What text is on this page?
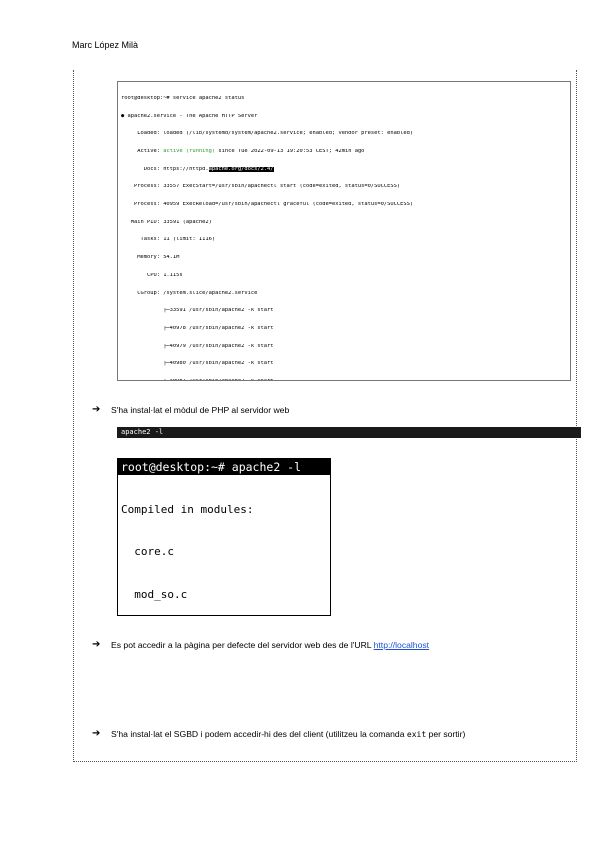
Marc López Milà

root@desktop:~# service apache2 status

● apache2.service - The Apache HTTP Server

Loaded: loaded (/lib/systemd/system/apache2.service; enabled; vendor preset: enabled)

Active: active (running) since Tue 2022-09-13 19:20:53 CEST; 42min ago

Docs: https://httpd.apache.org/docs/2.4/

Process: 33557 ExecStart=/usr/sbin/apachectl start (code=exited, status=0/SUCCESS)

Process: 40959 ExecReload=/usr/sbin/apachectl graceful (code=exited, status=0/SUCCESS)

Main PID: 33591 (apache2)

Tasks: 11 (limit: 1116)

Memory: 54.1M

CPU: 1.115s

CGroup: /system.slice/apache2.service

├─33591 /usr/sbin/apache2 -k start

├─40978 /usr/sbin/apache2 -k start

├─40979 /usr/sbin/apache2 -k start

├─40980 /usr/sbin/apache2 -k start

➔ S'ha instal·lat el mòdul de PHP al servidor web
apache2 -l
root@desktop:~# apache2 -l

Compiled in modules:

core.c

mod_so.c

➔ Es pot accedir a la pàgina per defecte del servidor web des de l'URL http://localhost
➔ S'ha instal·lat el SGBD i podem accedir-hi des del client (utilitzeu la comanda exit per sortir)
